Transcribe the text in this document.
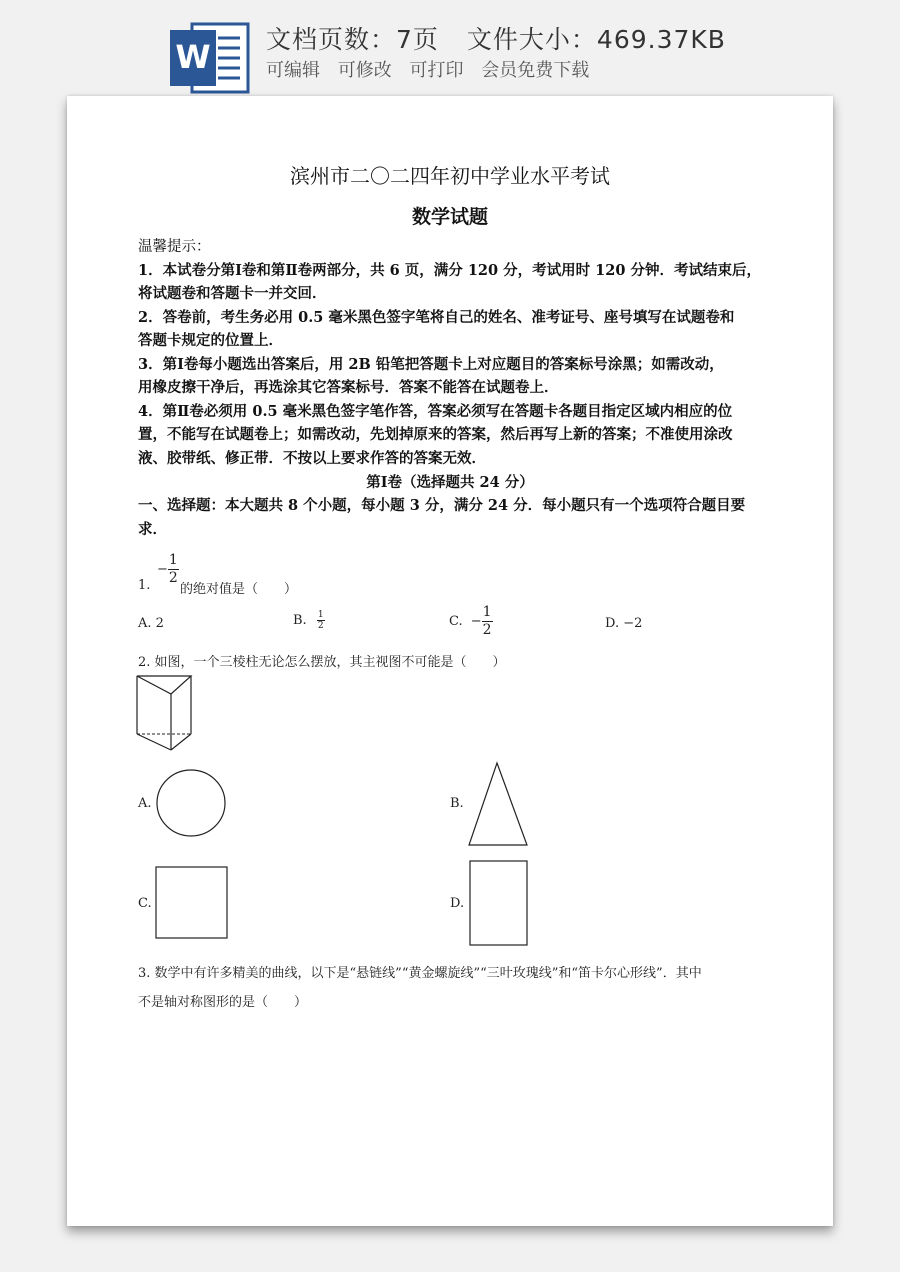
W 文档页数：7页 文件大小：469.37KB
可编辑 可修改 可打印 会员免费下载
滨州市二〇二四年初中学业水平考试
数学试题
温馨提示：
1．本试卷分第Ⅰ卷和第Ⅱ卷两部分，共 6 页，满分 120 分，考试用时 120 分钟．考试结束后，
将试题卷和答题卡一并交回．
2．答卷前，考生务必用 0.5 毫米黑色签字笔将自己的姓名、准考证号、座号填写在试题卷和
答题卡规定的位置上．
3．第Ⅰ卷每小题选出答案后，用 2B 铅笔把答题卡上对应题目的答案标号涂黑；如需改动，
用橡皮擦干净后，再选涂其它答案标号．答案不能答在试题卷上．
4．第Ⅱ卷必须用 0.5 毫米黑色签字笔作答，答案必须写在答题卡各题目指定区域内相应的位
置，不能写在试题卷上；如需改动，先划掉原来的答案，然后再写上新的答案；不准使用涂改
液、胶带纸、修正带．不按以上要求作答的答案无效．
第Ⅰ卷（选择题共 24 分）
一、选择题：本大题共 8 个小题，每小题 3 分，满分 24 分．每小题只有一个选项符合题目要
求．
1.
− $\frac{1}{2}$
的绝对值是（　　）
A. 2	B. $\frac{1}{2}$	C. − $\frac{1}{2}$	D. −2
2. 如图，一个三棱柱无论怎么摆放，其主视图不可能是（　　）
A.	B.
C.	D.
3. 数学中有许多精美的曲线，以下是“悬链线”“黄金螺旋线”“三叶玫瑰线”和“笛卡尔心形线”．其中
不是轴对称图形的是（　　）
